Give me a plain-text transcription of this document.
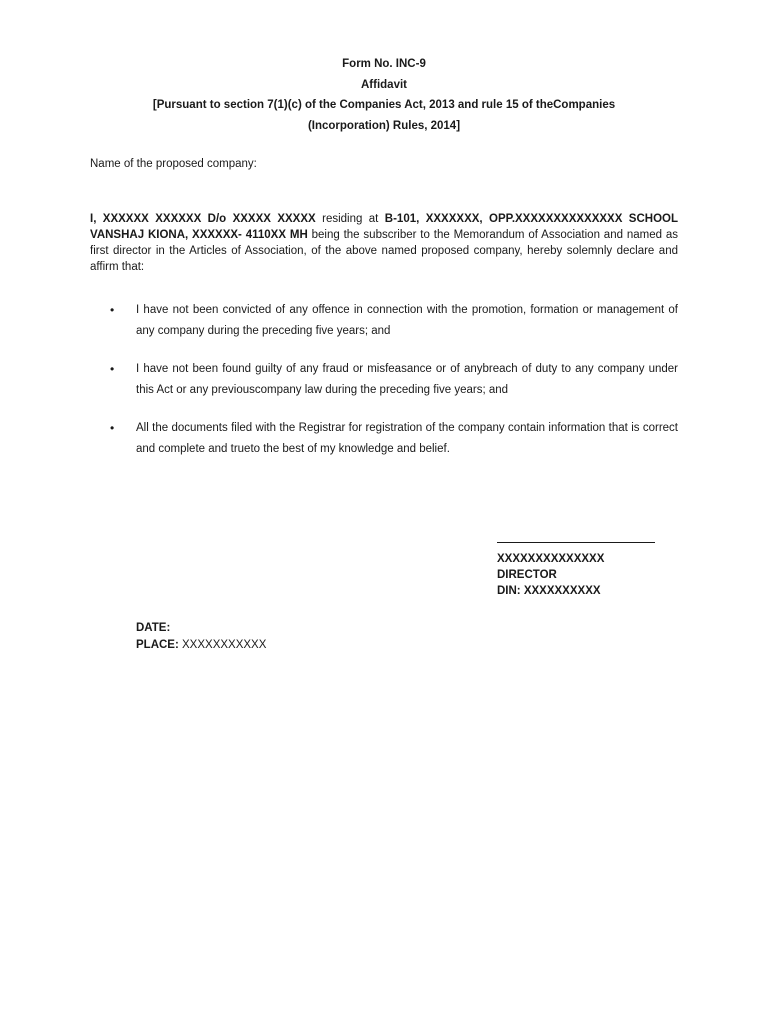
Form No. INC-9
Affidavit
[Pursuant to section 7(1)(c) of the Companies Act, 2013 and rule 15 of theCompanies
(Incorporation) Rules, 2014]
Name of the proposed company:
I, XXXXXX XXXXXX D/o XXXXX XXXXX residing at B-101, XXXXXXX, OPP.XXXXXXXXXXXXXX SCHOOL VANSHAJ KIONA, XXXXXX- 4110XX MH being the subscriber to the Memorandum of Association and named as first director in the Articles of Association, of the above named proposed company, hereby solemnly declare and affirm that:
• I have not been convicted of any offence in connection with the promotion, formation or management of any company during the preceding five years; and
• I have not been found guilty of any fraud or misfeasance or of anybreach of duty to any company under this Act or any previouscompany law during the preceding five years; and
• All the documents filed with the Registrar for registration of the company contain information that is correct and complete and trueto the best of my knowledge and belief.
XXXXXXXXXXXXXX
DIRECTOR
DIN: XXXXXXXXXX
DATE:
PLACE: XXXXXXXXXXX
